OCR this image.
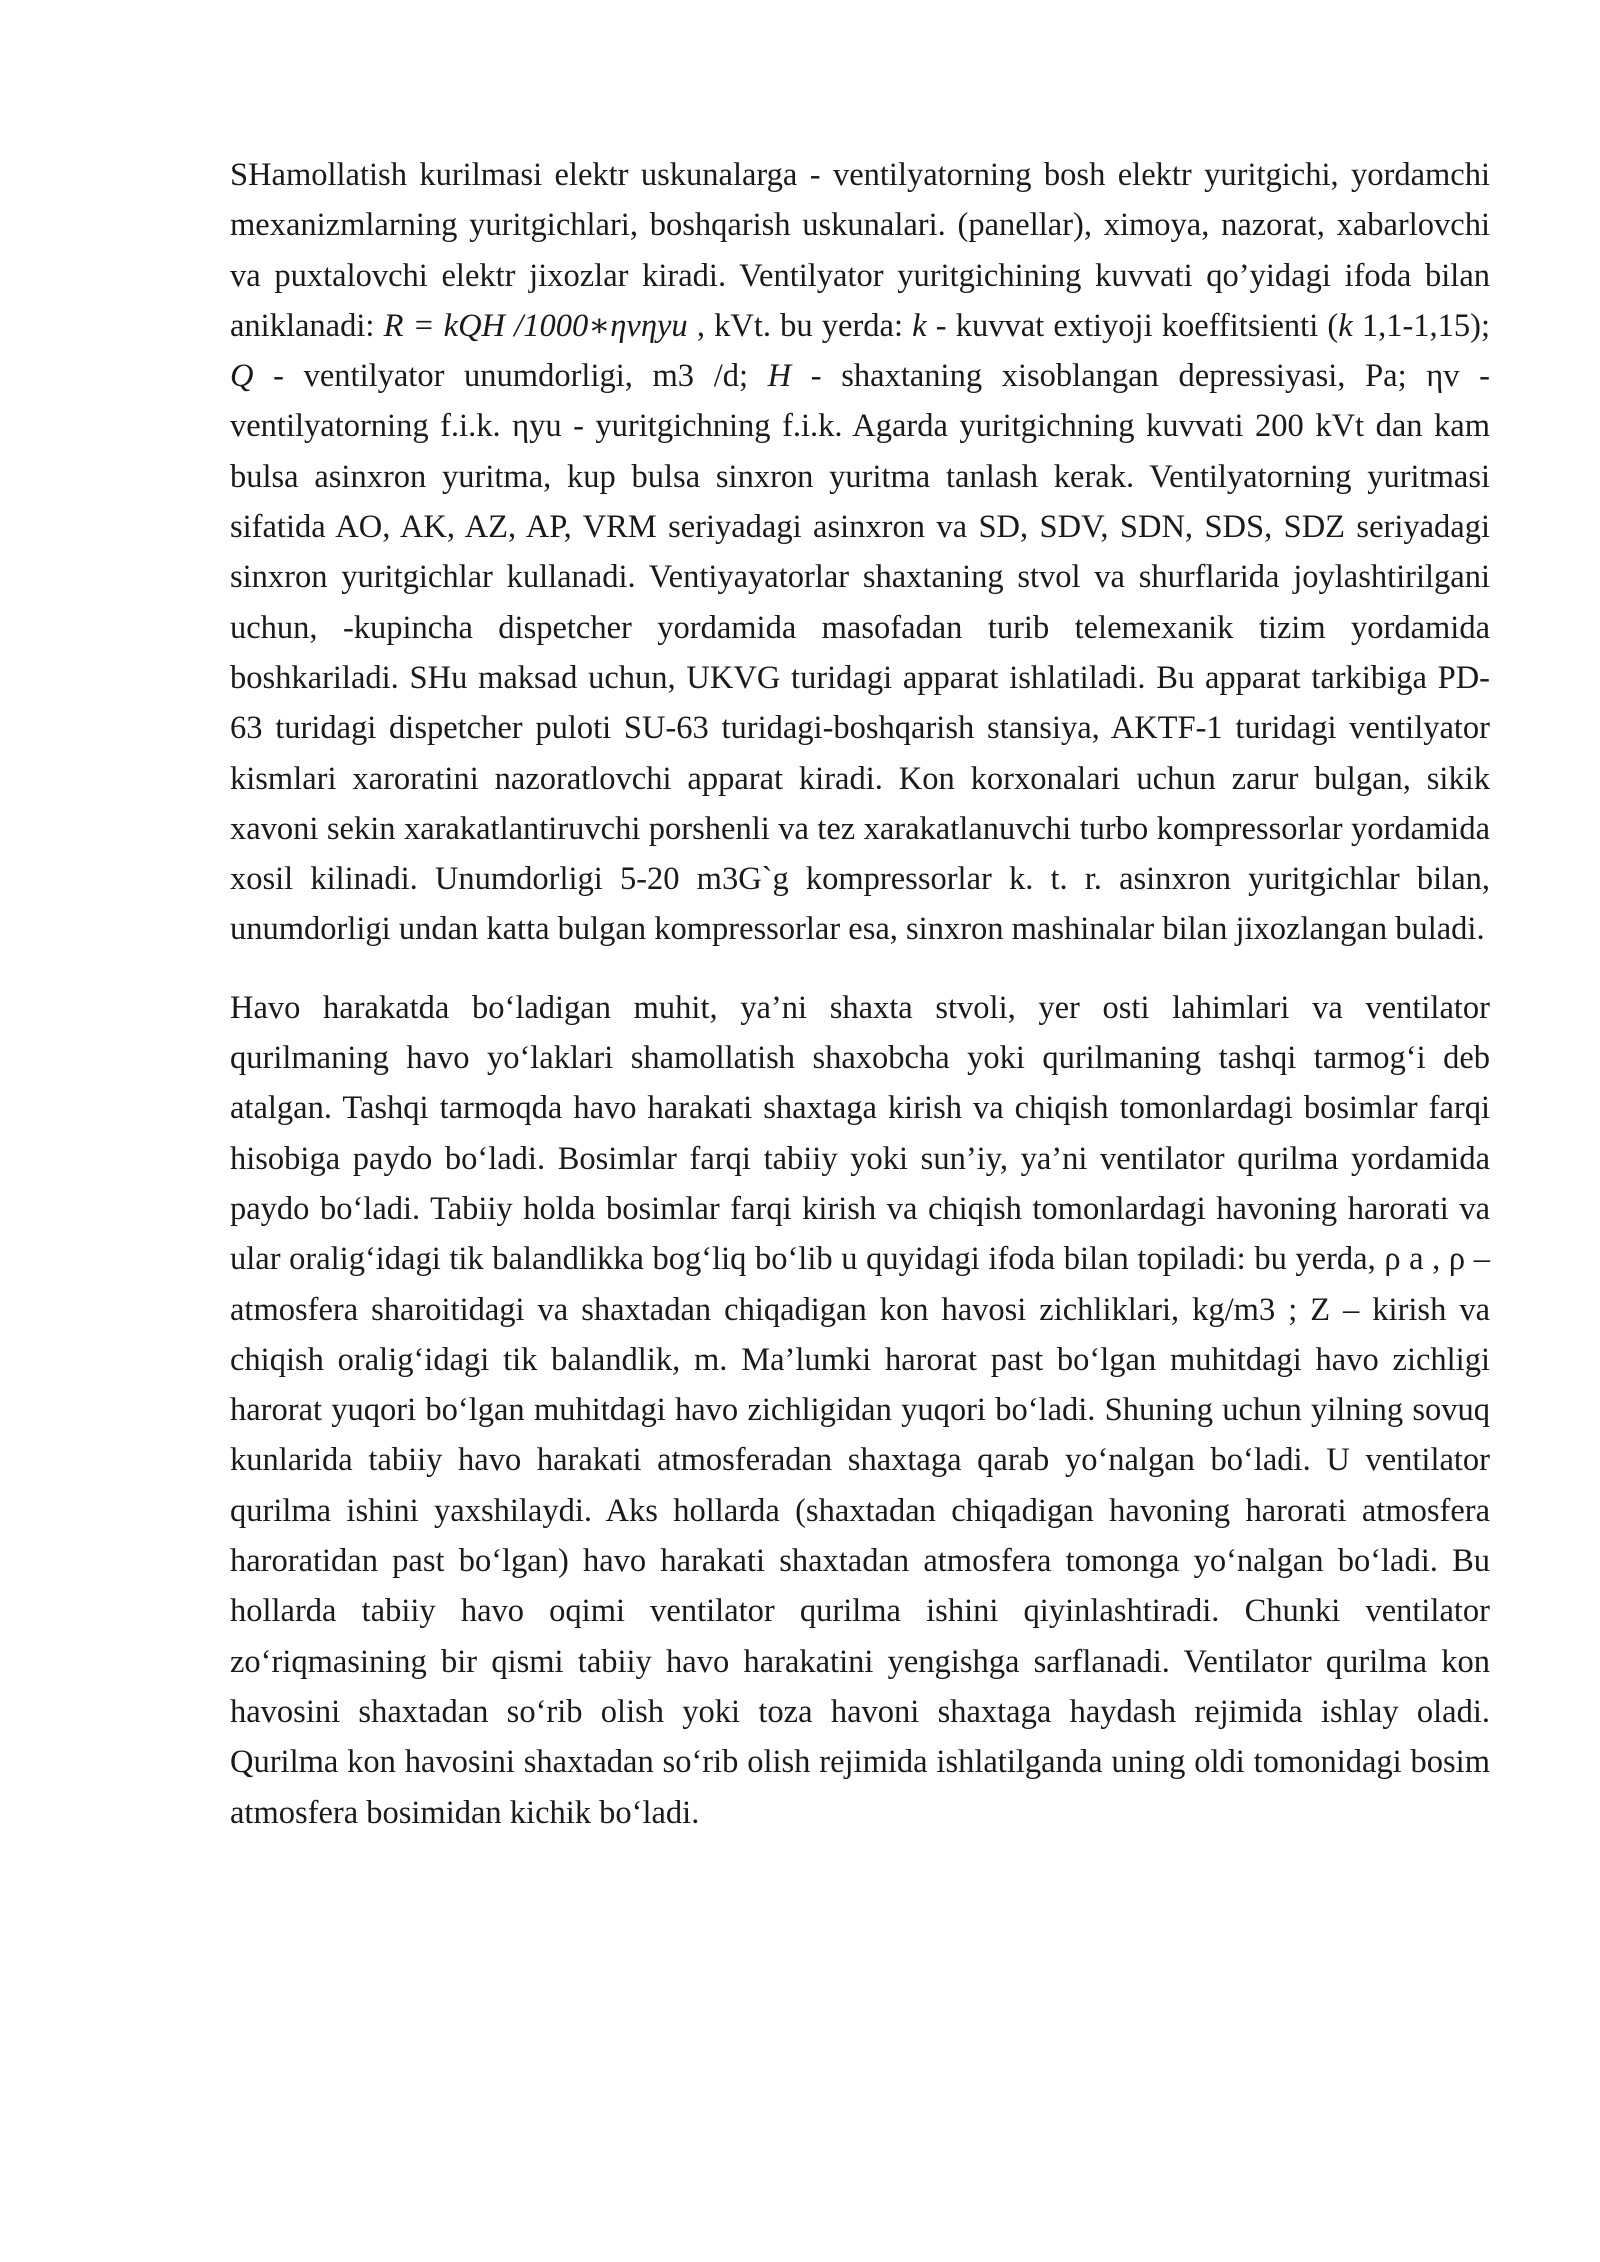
SHamollatish kurilmasi elektr uskunalarga - ventilyatorning bosh elektr yuritgichi, yordamchi mexanizmlarning yuritgichlari, boshqarish uskunalari. (panellar), ximoya, nazorat, xabarlovchi va puxtalovchi elektr jixozlar kiradi. Ventilyator yuritgichining kuvvati qo’yidagi ifoda bilan aniklanadi: R = kQH /1000∗ηvηyu , kVt. bu yerda: k - kuvvat extiyoji koeffitsienti (k 1,1-1,15); Q - ventilyator unumdorligi, m3 /d; H - shaxtaning xisoblangan depressiyasi, Pa; ηv - ventilyatorning f.i.k. ηyu - yuritgichning f.i.k. Agarda yuritgichning kuvvati 200 kVt dan kam bulsa asinxron yuritma, kup bulsa sinxron yuritma tanlash kerak. Ventilyatorning yuritmasi sifatida AO, AK, AZ, AP, VRM seriyadagi asinxron va SD, SDV, SDN, SDS, SDZ seriyadagi sinxron yuritgichlar kullanadi. Ventiyayatorlar shaxtaning stvol va shurflarida joylashtirilgani uchun, -kupincha dispetcher yordamida masofadan turib telemexanik tizim yordamida boshkariladi. SHu maksad uchun, UKVG turidagi apparat ishlatiladi. Bu apparat tarkibiga PD-63 turidagi dispetcher puloti SU-63 turidagi-boshqarish stansiya, AKTF-1 turidagi ventilyator kismlari xaroratini nazoratlovchi apparat kiradi. Kon korxonalari uchun zarur bulgan, sikik xavoni sekin xarakatlantiruvchi porshenli va tez xarakatlanuvchi turbo kompressorlar yordamida xosil kilinadi. Unumdorligi 5-20 m3G`g kompressorlar k. t. r. asinxron yuritgichlar bilan, unumdorligi undan katta bulgan kompressorlar esa, sinxron mashinalar bilan jixozlangan buladi.

Havo harakatda bo‘ladigan muhit, ya’ni shaxta stvoli, yer osti lahimlari va ventilator qurilmaning havo yo‘laklari shamollatish shaxobcha yoki qurilmaning tashqi tarmog‘i deb atalgan. Tashqi tarmoqda havo harakati shaxtaga kirish va chiqish tomonlardagi bosimlar farqi hisobiga paydo bo‘ladi. Bosimlar farqi tabiiy yoki sun’iy, ya’ni ventilator qurilma yordamida paydo bo‘ladi. Tabiiy holda bosimlar farqi kirish va chiqish tomonlardagi havoning harorati va ular oralig‘idagi tik balandlikka bog‘liq bo‘lib u quyidagi ifoda bilan topiladi: bu yerda, ρ a , ρ – atmosfera sharoitidagi va shaxtadan chiqadigan kon havosi zichliklari, kg/m3 ; Z – kirish va chiqish oralig‘idagi tik balandlik, m. Ma’lumki harorat past bo‘lgan muhitdagi havo zichligi harorat yuqori bo‘lgan muhitdagi havo zichligidan yuqori bo‘ladi. Shuning uchun yilning sovuq kunlarida tabiiy havo harakati atmosferadan shaxtaga qarab yo‘nalgan bo‘ladi. U ventilator qurilma ishini yaxshilaydi. Aks hollarda (shaxtadan chiqadigan havoning harorati atmosfera haroratidan past bo‘lgan) havo harakati shaxtadan atmosfera tomonga yo‘nalgan bo‘ladi. Bu hollarda tabiiy havo oqimi ventilator qurilma ishini qiyinlashtiradi. Chunki ventilator zo‘riqmasining bir qismi tabiiy havo harakatini yengishga sarflanadi. Ventilator qurilma kon havosini shaxtadan so‘rib olish yoki toza havoni shaxtaga haydash rejimida ishlay oladi. Qurilma kon havosini shaxtadan so‘rib olish rejimida ishlatilganda uning oldi tomonidagi bosim atmosfera bosimidan kichik bo‘ladi.
